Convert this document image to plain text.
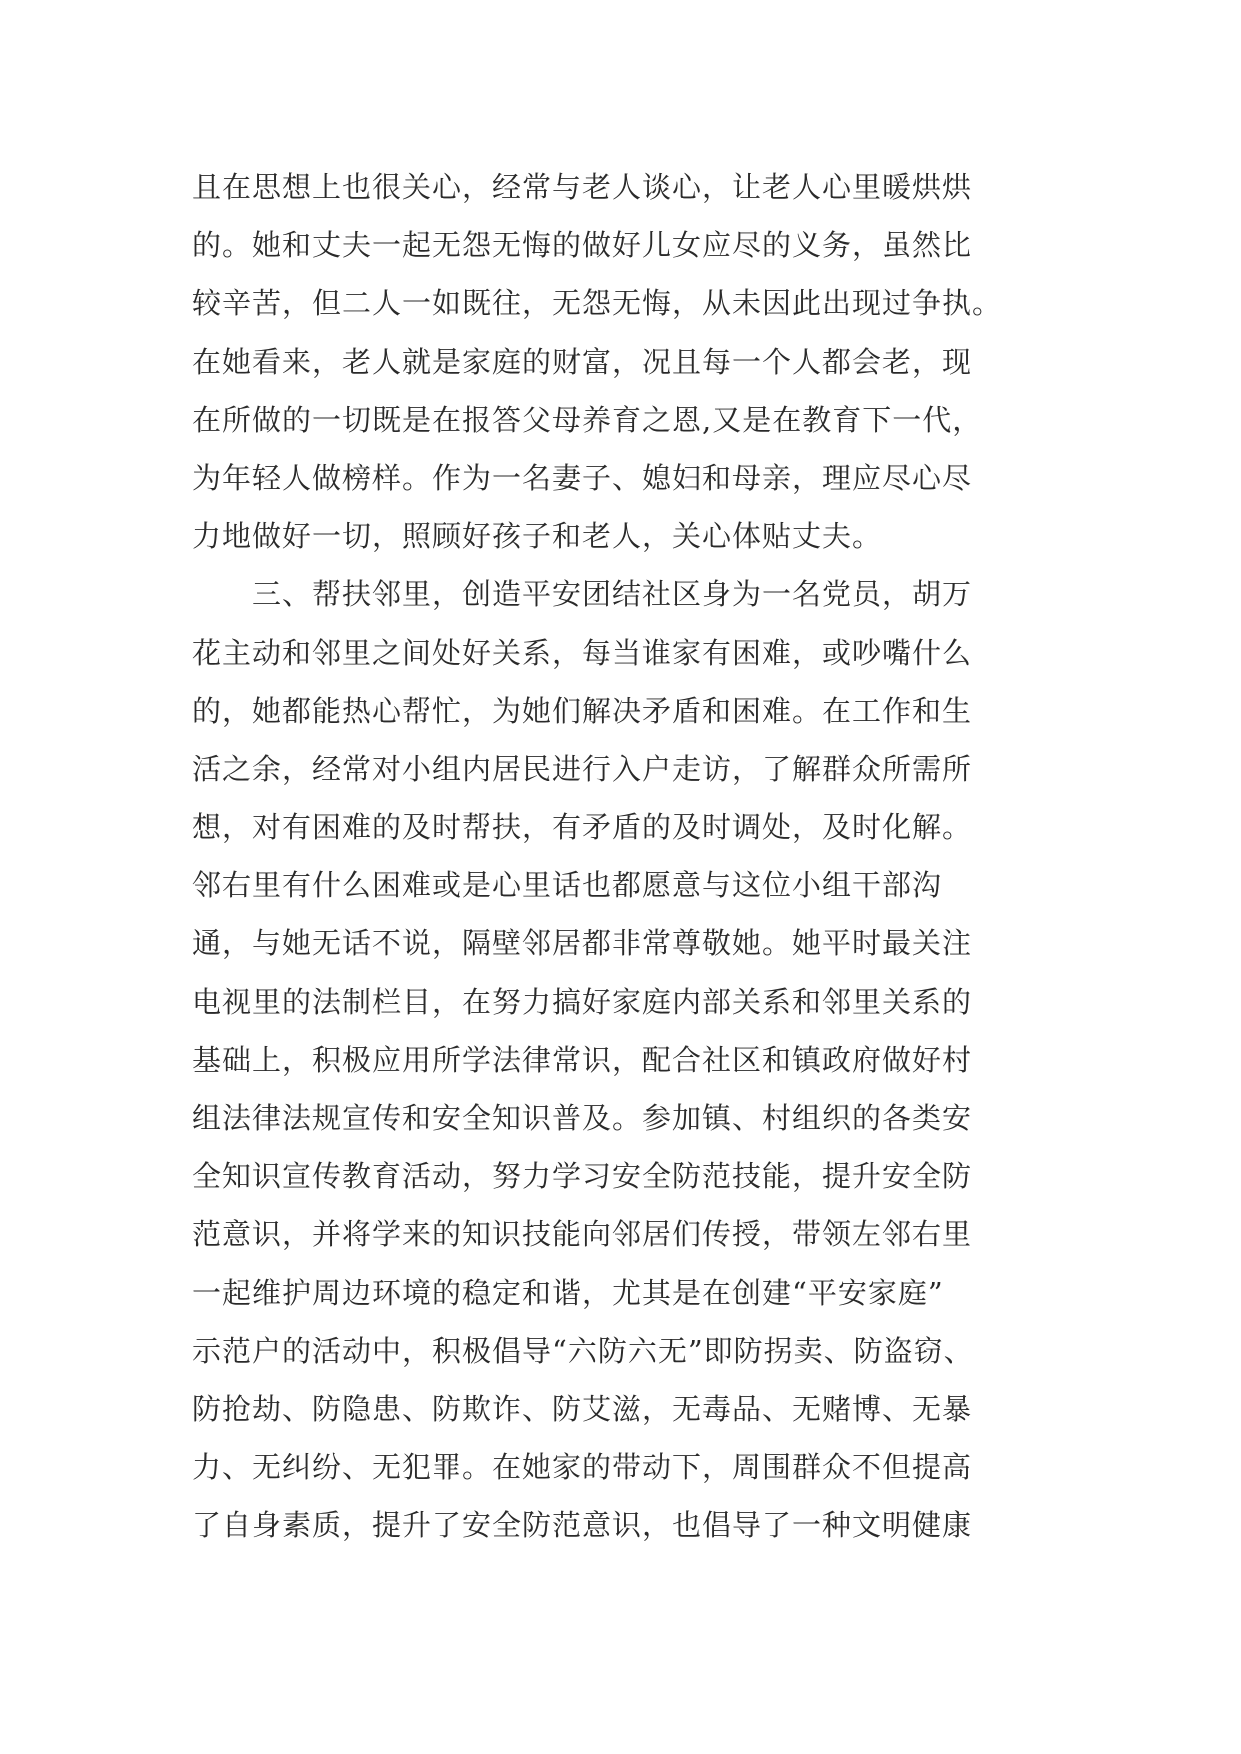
且在思想上也很关心，经常与老人谈心，让老人心里暖烘烘
的。她和丈夫一起无怨无悔的做好儿女应尽的义务，虽然比
较辛苦，但二人一如既往，无怨无悔，从未因此出现过争执。
在她看来，老人就是家庭的财富，况且每一个人都会老，现
在所做的一切既是在报答父母养育之恩,又是在教育下一代，
为年轻人做榜样。作为一名妻子、媳妇和母亲，理应尽心尽
力地做好一切，照顾好孩子和老人，关心体贴丈夫。
　　三、帮扶邻里，创造平安团结社区身为一名党员，胡万
花主动和邻里之间处好关系，每当谁家有困难，或吵嘴什么
的，她都能热心帮忙，为她们解决矛盾和困难。在工作和生
活之余，经常对小组内居民进行入户走访，了解群众所需所
想，对有困难的及时帮扶，有矛盾的及时调处，及时化解。
邻右里有什么困难或是心里话也都愿意与这位小组干部沟
通，与她无话不说，隔壁邻居都非常尊敬她。她平时最关注
电视里的法制栏目，在努力搞好家庭内部关系和邻里关系的
基础上，积极应用所学法律常识，配合社区和镇政府做好村
组法律法规宣传和安全知识普及。参加镇、村组织的各类安
全知识宣传教育活动，努力学习安全防范技能，提升安全防
范意识，并将学来的知识技能向邻居们传授，带领左邻右里
一起维护周边环境的稳定和谐，尤其是在创建“平安家庭”
示范户的活动中，积极倡导“六防六无”即防拐卖、防盗窃、
防抢劫、防隐患、防欺诈、防艾滋，无毒品、无赌博、无暴
力、无纠纷、无犯罪。在她家的带动下，周围群众不但提高
了自身素质，提升了安全防范意识，也倡导了一种文明健康
